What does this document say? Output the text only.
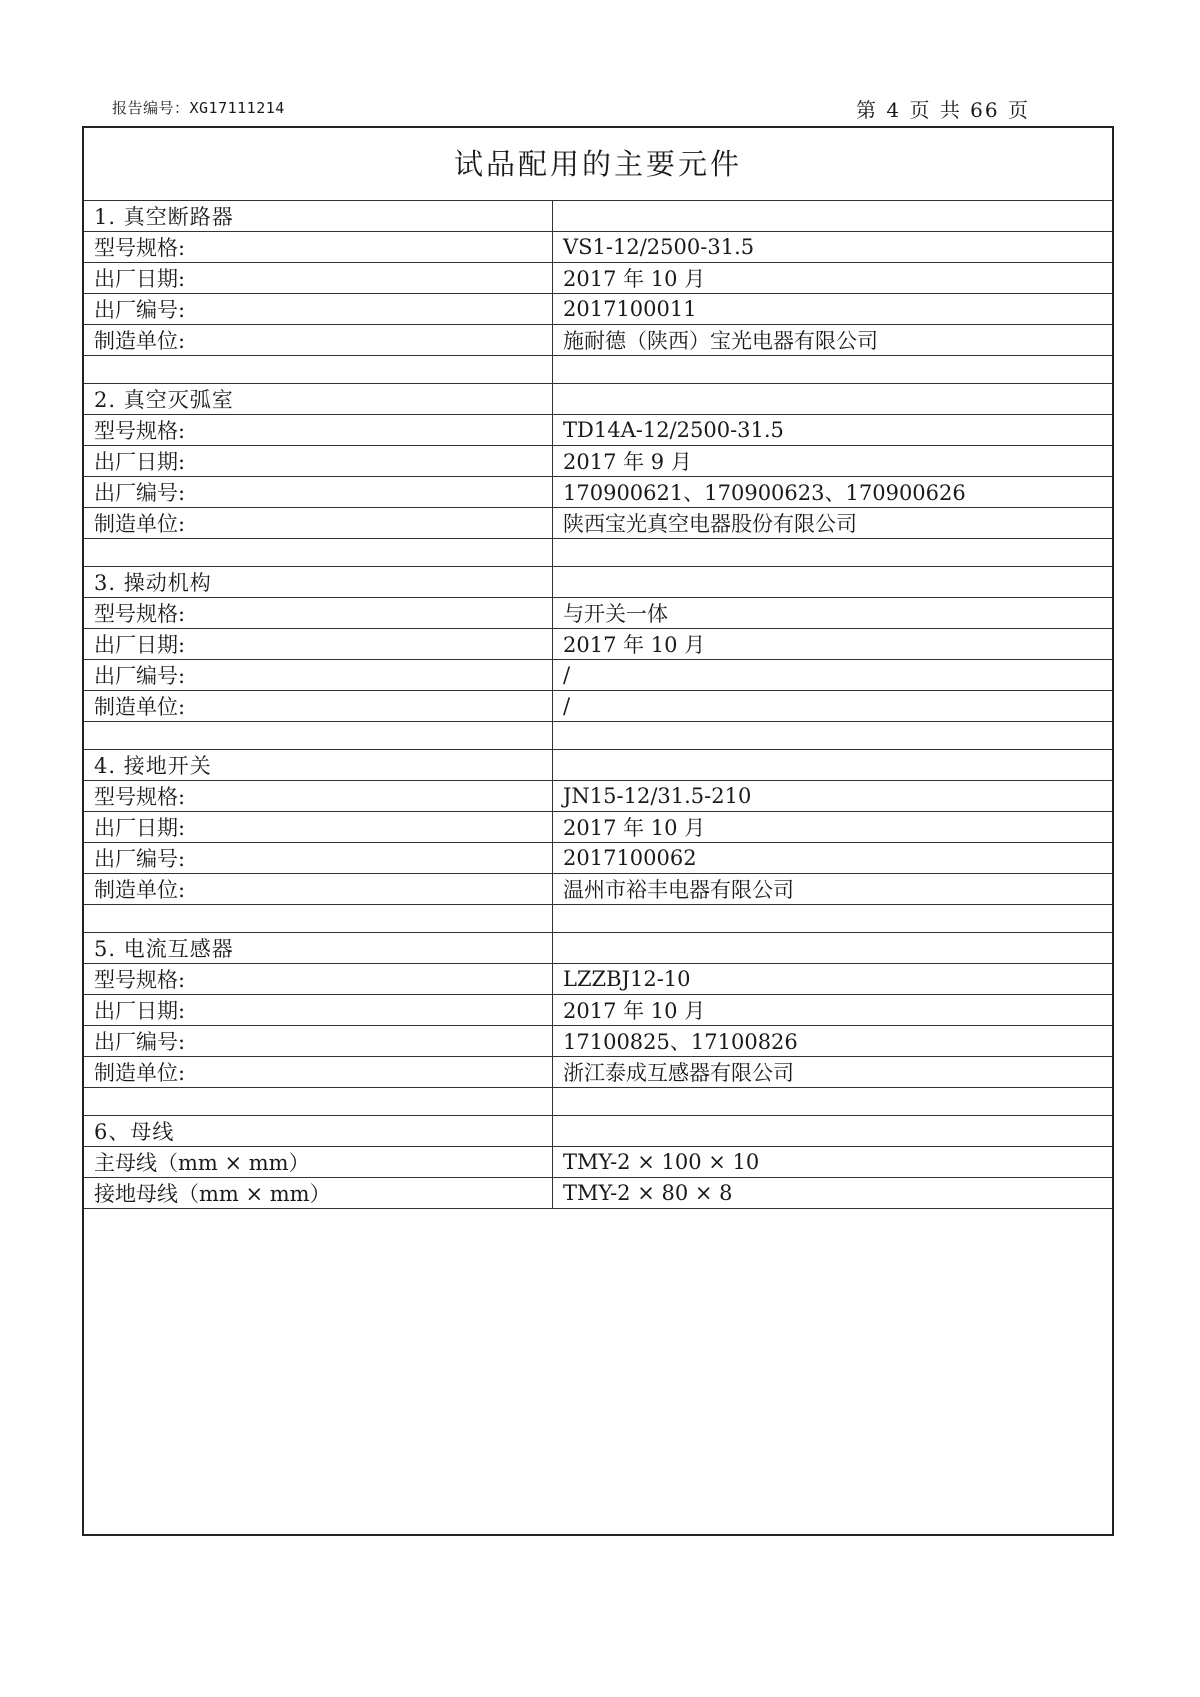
报告编号：XG17111214	第 4 页 共 66 页
试品配用的主要元件
1. 真空断路器	
型号规格:	VS1-12/2500-31.5
出厂日期:	2017 年 10 月
出厂编号:	2017100011
制造单位:	施耐德（陕西）宝光电器有限公司

2. 真空灭弧室	
型号规格:	TD14A-12/2500-31.5
出厂日期:	2017 年 9 月
出厂编号:	170900621、170900623、170900626
制造单位:	陕西宝光真空电器股份有限公司

3. 操动机构	
型号规格:	与开关一体
出厂日期:	2017 年 10 月
出厂编号:	/
制造单位:	/

4. 接地开关	
型号规格:	JN15-12/31.5-210
出厂日期:	2017 年 10 月
出厂编号:	2017100062
制造单位:	温州市裕丰电器有限公司

5. 电流互感器	
型号规格:	LZZBJ12-10
出厂日期:	2017 年 10 月
出厂编号:	17100825、17100826
制造单位:	浙江泰成互感器有限公司

6、母线	
主母线（mm × mm）	TMY-2 × 100 × 10
接地母线（mm × mm）	TMY-2 × 80 × 8
